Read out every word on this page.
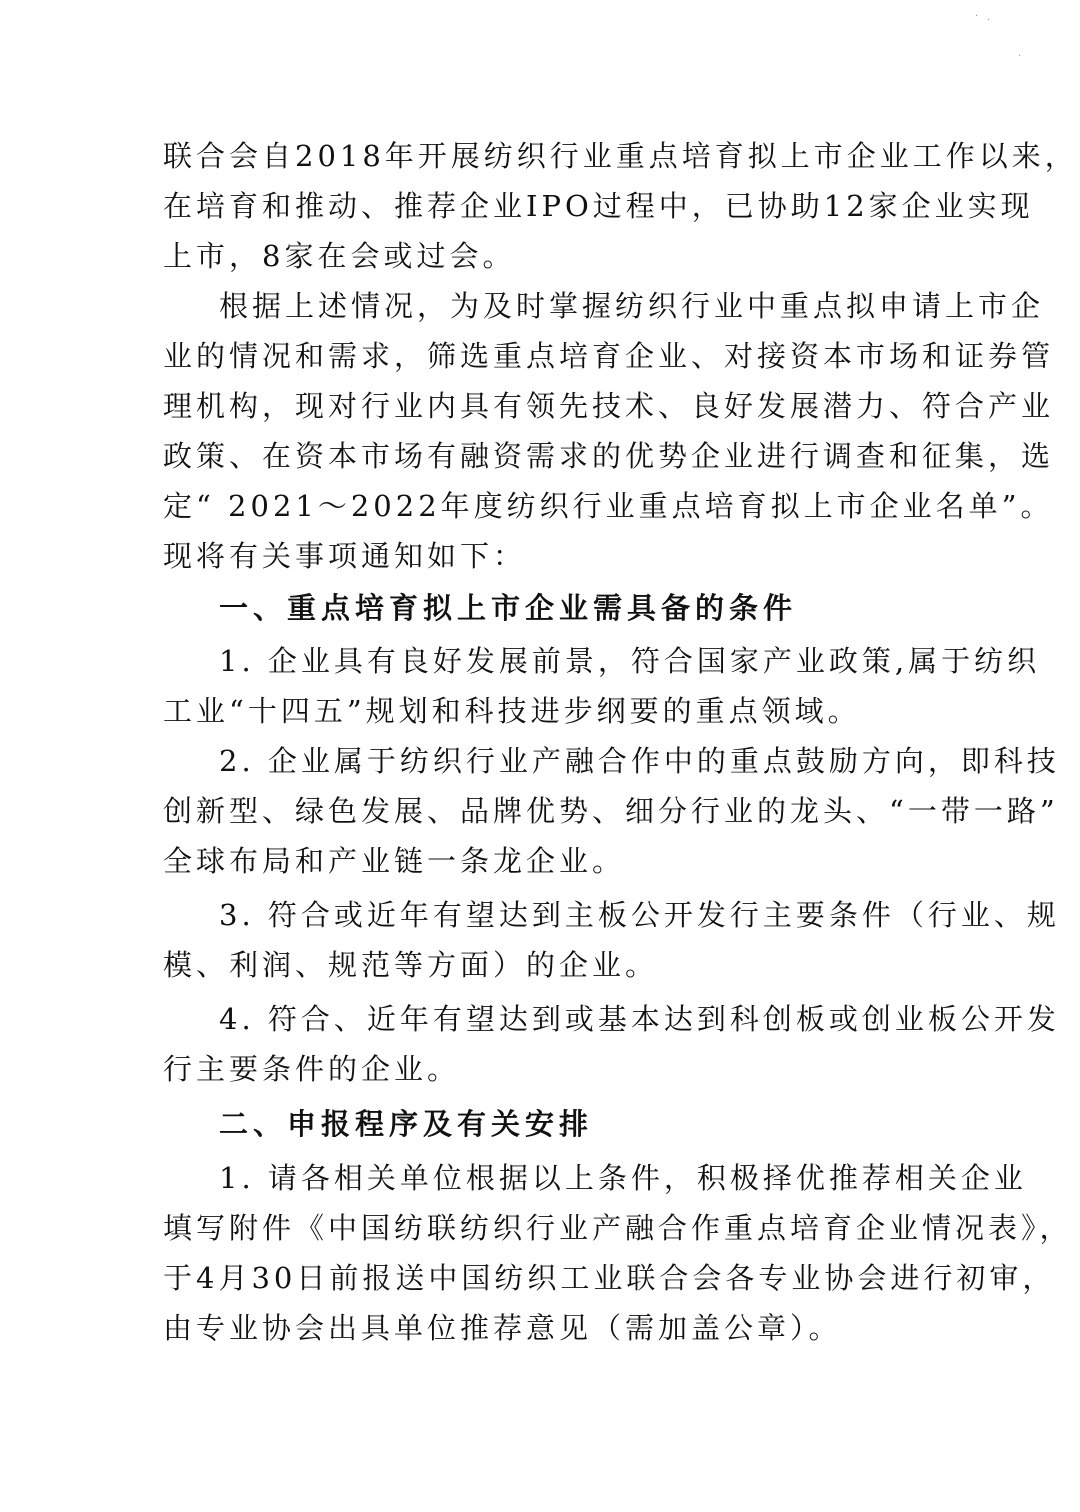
· ·
·
联合会自2018年开展纺织行业重点培育拟上市企业工作以来，
在培育和推动、推荐企业IPO过程中，已协助12家企业实现
上市，8家在会或过会。
根据上述情况，为及时掌握纺织行业中重点拟申请上市企
业的情况和需求，筛选重点培育企业、对接资本市场和证券管
理机构，现对行业内具有领先技术、良好发展潜力、符合产业
政策、在资本市场有融资需求的优势企业进行调查和征集，选
定“ 2021～2022年度纺织行业重点培育拟上市企业名单”。
现将有关事项通知如下：
一、重点培育拟上市企业需具备的条件
1. 企业具有良好发展前景，符合国家产业政策,属于纺织
工业“十四五”规划和科技进步纲要的重点领域。
2. 企业属于纺织行业产融合作中的重点鼓励方向，即科技
创新型、绿色发展、品牌优势、细分行业的龙头、“一带一路”
全球布局和产业链一条龙企业。
3. 符合或近年有望达到主板公开发行主要条件（行业、规
模、利润、规范等方面）的企业。
4. 符合、近年有望达到或基本达到科创板或创业板公开发
行主要条件的企业。
二、申报程序及有关安排
1. 请各相关单位根据以上条件，积极择优推荐相关企业
填写附件《中国纺联纺织行业产融合作重点培育企业情况表》，
于4月30日前报送中国纺织工业联合会各专业协会进行初审，
由专业协会出具单位推荐意见（需加盖公章）。
